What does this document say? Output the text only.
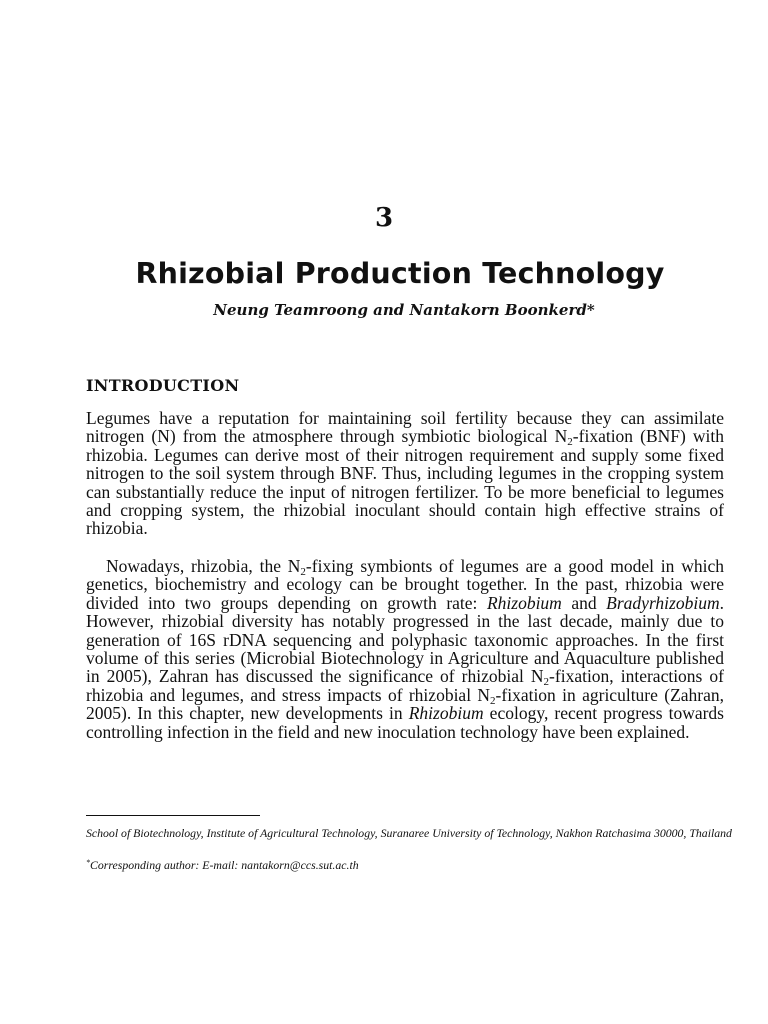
3
Rhizobial Production Technology
Neung Teamroong and Nantakorn Boonkerd*
INTRODUCTION

Legumes have a reputation for maintaining soil fertility because they can assimilate nitrogen (N) from the atmosphere through symbiotic biological $N_2$-fixation (BNF) with rhizobia. Legumes can derive most of their nitrogen requirement and supply some fixed nitrogen to the soil system through BNF. Thus, including legumes in the cropping system can substantially reduce the input of nitrogen fertilizer. To be more beneficial to legumes and cropping system, the rhizobial inoculant should contain high effective strains of rhizobia.

Nowadays, rhizobia, the $N_2$-fixing symbionts of legumes are a good model in which genetics, biochemistry and ecology can be brought together. In the past, rhizobia were divided into two groups depending on growth rate: Rhizobium and Bradyrhizobium. However, rhizobial diversity has notably progressed in the last decade, mainly due to generation of 16S rDNA sequencing and polyphasic taxonomic approaches. In the first volume of this series (Microbial Biotechnology in Agriculture and Aquaculture published in 2005), Zahran has discussed the significance of rhizobial $N_2$-fixation, interactions of rhizobia and legumes, and stress impacts of rhizobial $N_2$-fixation in agriculture (Zahran, 2005). In this chapter, new developments in Rhizobium ecology, recent progress towards controlling infection in the field and new inoculation technology have been explained.

School of Biotechnology, Institute of Agricultural Technology, Suranaree University of Technology, Nakhon Ratchasima 30000, Thailand

*Corresponding author: E-mail: nantakorn@ccs.sut.ac.th
